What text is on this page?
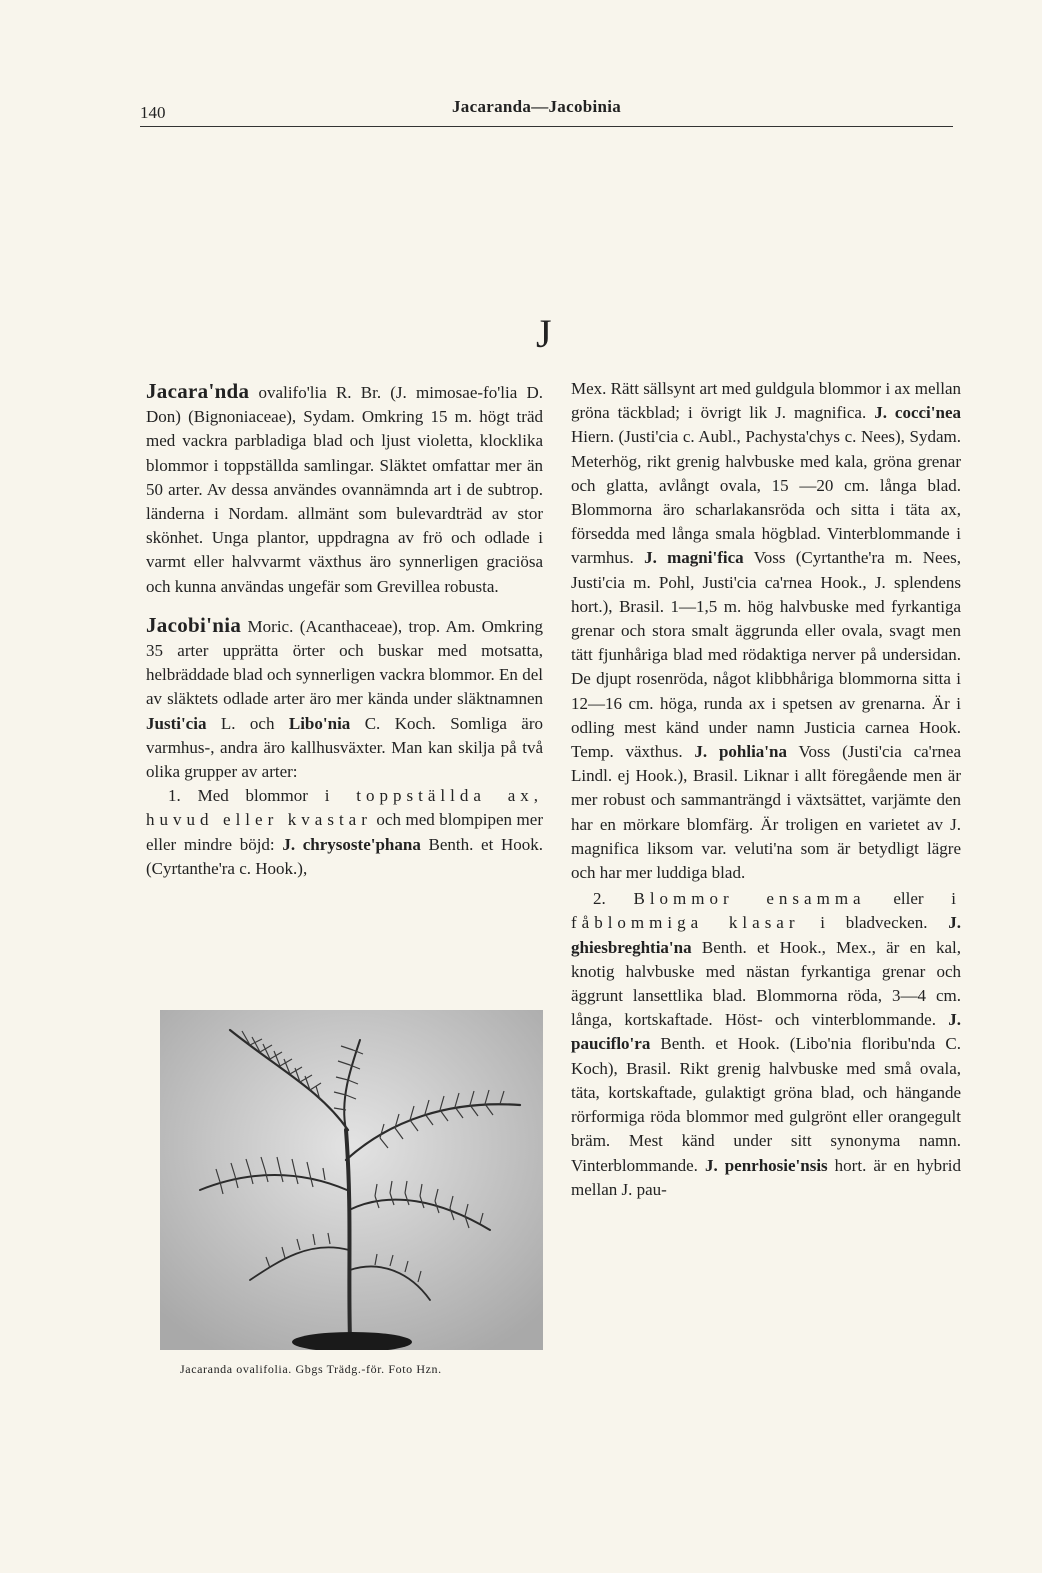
140	Jacaranda—Jacobinia
J

Jacara'nda ovalifo'lia R. Br. (J. mimosae-fo'lia D. Don) (Bignoniaceae), Sydam. Omkring 15 m. högt träd med vackra parbladiga blad och ljust violetta, klocklika blommor i toppställda samlingar. Släktet omfattar mer än 50 arter. Av dessa användes ovannämnda art i de subtrop. länderna i Nordam. allmänt som bulevardträd av stor skönhet. Unga plantor, uppdragna av frö och odlade i varmt eller halvvarmt växthus äro synnerligen graciösa och kunna användas ungefär som Grevillea robusta.

Jacobi'nia Moric. (Acanthaceae), trop. Am. Omkring 35 arter upprätta örter och buskar med motsatta, helbräddade blad och synnerligen vackra blommor. En del av släktets odlade arter äro mer kända under släktnamnen Justi'cia L. och Libo'nia C. Koch. Somliga äro varmhus-, andra äro kallhusväxter. Man kan skilja på två olika grupper av arter:

1. Med blommor i toppställda ax, huvud eller kvastar och med blompipen mer eller mindre böjd: J. chrysoste'phana Benth. et Hook. (Cyrtanthe'ra c. Hook.),

Jacaranda ovalifolia. Gbgs Trädg.-för. Foto Hzn.

Mex. Rätt sällsynt art med guldgula blommor i ax mellan gröna täckblad; i övrigt lik J. magnifica. J. cocci'nea Hiern. (Justi'cia c. Aubl., Pachysta'chys c. Nees), Sydam. Meterhög, rikt grenig halvbuske med kala, gröna grenar och glatta, avlångt ovala, 15 —20 cm. långa blad. Blommorna äro scharlakansröda och sitta i täta ax, försedda med långa smala högblad. Vinterblommande i varmhus. J. magni'fica Voss (Cyrtanthe'ra m. Nees, Justi'cia m. Pohl, Justi'cia ca'rnea Hook., J. splendens hort.), Brasil. 1—1,5 m. hög halvbuske med fyrkantiga grenar och stora smalt äggrunda eller ovala, svagt men tätt fjunhåriga blad med rödaktiga nerver på undersidan. De djupt rosenröda, något klibbhåriga blommorna sitta i 12—16 cm. höga, runda ax i spetsen av grenarna. Är i odling mest känd under namn Justicia carnea Hook. Temp. växthus. J. pohlia'na Voss (Justi'cia ca'rnea Lindl. ej Hook.), Brasil. Liknar i allt föregående men är mer robust och sammanträngd i växtsättet, varjämte den har en mörkare blomfärg. Är troligen en varietet av J. magnifica liksom var. veluti'na som är betydligt lägre och har mer luddiga blad.

2. Blommor ensamma eller i fåblommiga klasar i bladvecken. J. ghiesbreghtia'na Benth. et Hook., Mex., är en kal, knotig halvbuske med nästan fyrkantiga grenar och äggrunt lansettlika blad. Blommorna röda, 3—4 cm. långa, kortskaftade. Höst- och vinterblommande. J. pauciflo'ra Benth. et Hook. (Libo'nia floribu'nda C. Koch), Brasil. Rikt grenig halvbuske med små ovala, täta, kortskaftade, gulaktigt gröna blad, och hängande rörformiga röda blommor med gulgrönt eller orangegult bräm. Mest känd under sitt synonyma namn. Vinterblommande. J. penrhosie'nsis hort. är en hybrid mellan J. pau-
